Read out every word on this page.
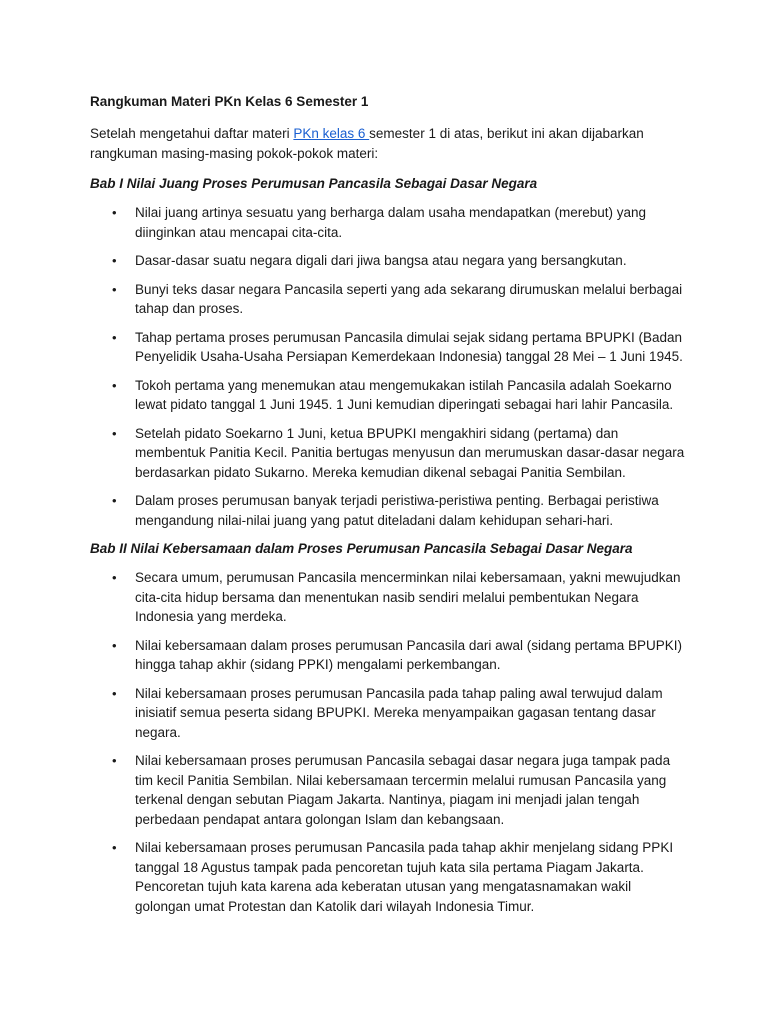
Rangkuman Materi PKn Kelas 6 Semester 1

Setelah mengetahui daftar materi PKn kelas 6 semester 1 di atas, berikut ini akan dijabarkan rangkuman masing-masing pokok-pokok materi:

Bab I Nilai Juang Proses Perumusan Pancasila Sebagai Dasar Negara

• Nilai juang artinya sesuatu yang berharga dalam usaha mendapatkan (merebut) yang diinginkan atau mencapai cita-cita.
• Dasar-dasar suatu negara digali dari jiwa bangsa atau negara yang bersangkutan.
• Bunyi teks dasar negara Pancasila seperti yang ada sekarang dirumuskan melalui berbagai tahap dan proses.
• Tahap pertama proses perumusan Pancasila dimulai sejak sidang pertama BPUPKI (Badan Penyelidik Usaha-Usaha Persiapan Kemerdekaan Indonesia) tanggal 28 Mei – 1 Juni 1945.
• Tokoh pertama yang menemukan atau mengemukakan istilah Pancasila adalah Soekarno lewat pidato tanggal 1 Juni 1945. 1 Juni kemudian diperingati sebagai hari lahir Pancasila.
• Setelah pidato Soekarno 1 Juni, ketua BPUPKI mengakhiri sidang (pertama) dan membentuk Panitia Kecil. Panitia bertugas menyusun dan merumuskan dasar-dasar negara berdasarkan pidato Sukarno. Mereka kemudian dikenal sebagai Panitia Sembilan.
• Dalam proses perumusan banyak terjadi peristiwa-peristiwa penting. Berbagai peristiwa mengandung nilai-nilai juang yang patut diteladani dalam kehidupan sehari-hari.

Bab II Nilai Kebersamaan dalam Proses Perumusan Pancasila Sebagai Dasar Negara

• Secara umum, perumusan Pancasila mencerminkan nilai kebersamaan, yakni mewujudkan cita-cita hidup bersama dan menentukan nasib sendiri melalui pembentukan Negara Indonesia yang merdeka.
• Nilai kebersamaan dalam proses perumusan Pancasila dari awal (sidang pertama BPUPKI) hingga tahap akhir (sidang PPKI) mengalami perkembangan.
• Nilai kebersamaan proses perumusan Pancasila pada tahap paling awal terwujud dalam inisiatif semua peserta sidang BPUPKI. Mereka menyampaikan gagasan tentang dasar negara.
• Nilai kebersamaan proses perumusan Pancasila sebagai dasar negara juga tampak pada tim kecil Panitia Sembilan. Nilai kebersamaan tercermin melalui rumusan Pancasila yang terkenal dengan sebutan Piagam Jakarta. Nantinya, piagam ini menjadi jalan tengah perbedaan pendapat antara golongan Islam dan kebangsaan.
• Nilai kebersamaan proses perumusan Pancasila pada tahap akhir menjelang sidang PPKI tanggal 18 Agustus tampak pada pencoretan tujuh kata sila pertama Piagam Jakarta. Pencoretan tujuh kata karena ada keberatan utusan yang mengatasnamakan wakil golongan umat Protestan dan Katolik dari wilayah Indonesia Timur.
